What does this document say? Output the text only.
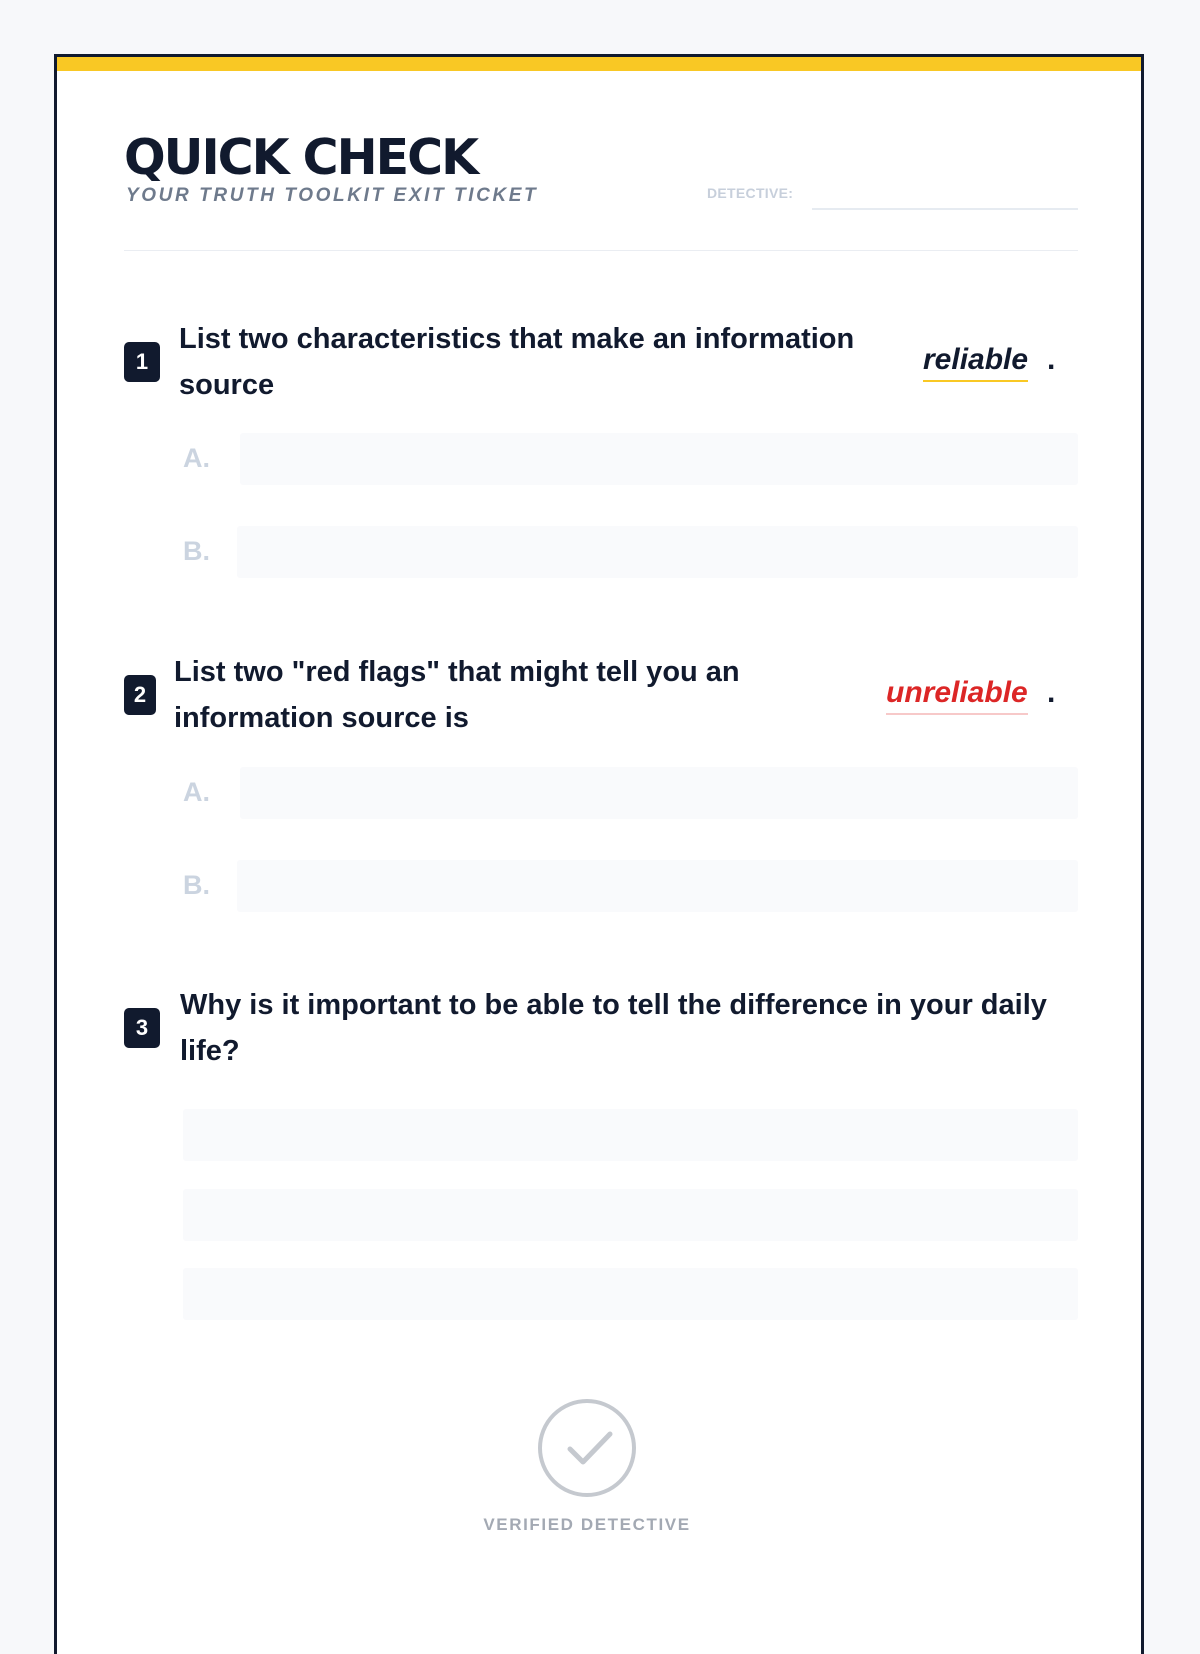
QUICK CHECK
YOUR TRUTH TOOLKIT EXIT TICKET	DETECTIVE:
1

List two characteristics that make an information source

reliable .
A.
B.
2

List two "red flags" that might tell you an information source is

unreliable .
A.
B.
3

Why is it important to be able to tell the difference in your daily life?

VERIFIED DETECTIVE
